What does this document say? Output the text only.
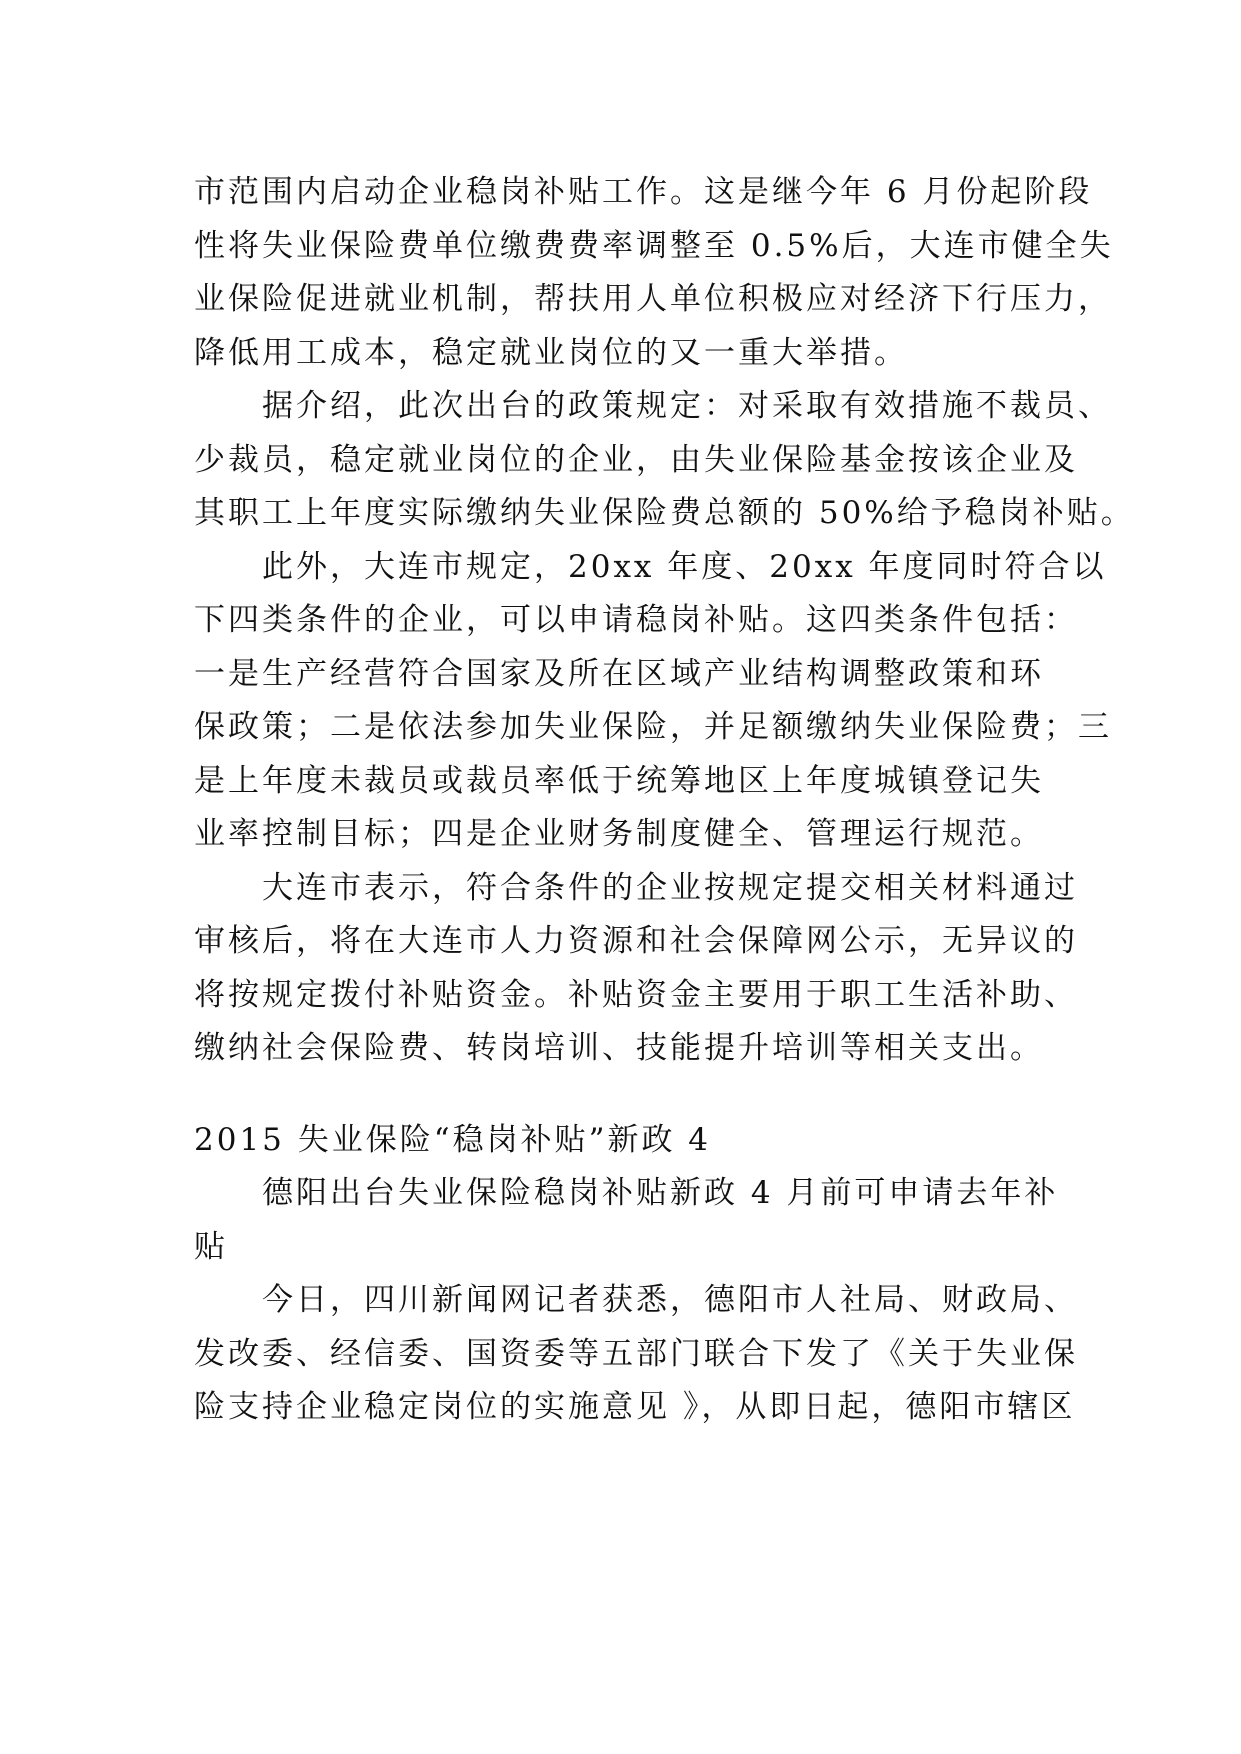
市范围内启动企业稳岗补贴工作。这是继今年 6 月份起阶段
性将失业保险费单位缴费费率调整至 0.5%后，大连市健全失
业保险促进就业机制，帮扶用人单位积极应对经济下行压力，
降低用工成本，稳定就业岗位的又一重大举措。
据介绍，此次出台的政策规定：对采取有效措施不裁员、
少裁员，稳定就业岗位的企业，由失业保险基金按该企业及
其职工上年度实际缴纳失业保险费总额的 50%给予稳岗补贴。
此外，大连市规定，20xx 年度、20xx 年度同时符合以
下四类条件的企业，可以申请稳岗补贴。这四类条件包括：
一是生产经营符合国家及所在区域产业结构调整政策和环
保政策；二是依法参加失业保险，并足额缴纳失业保险费；三
是上年度未裁员或裁员率低于统筹地区上年度城镇登记失
业率控制目标；四是企业财务制度健全、管理运行规范。
大连市表示，符合条件的企业按规定提交相关材料通过
审核后，将在大连市人力资源和社会保障网公示，无异议的
将按规定拨付补贴资金。补贴资金主要用于职工生活补助、
缴纳社会保险费、转岗培训、技能提升培训等相关支出。
2015 失业保险“稳岗补贴”新政 4
德阳出台失业保险稳岗补贴新政 4 月前可申请去年补
贴
今日，四川新闻网记者获悉，德阳市人社局、财政局、
发改委、经信委、国资委等五部门联合下发了《关于失业保
险支持企业稳定岗位的实施意见 》，从即日起，德阳市辖区
